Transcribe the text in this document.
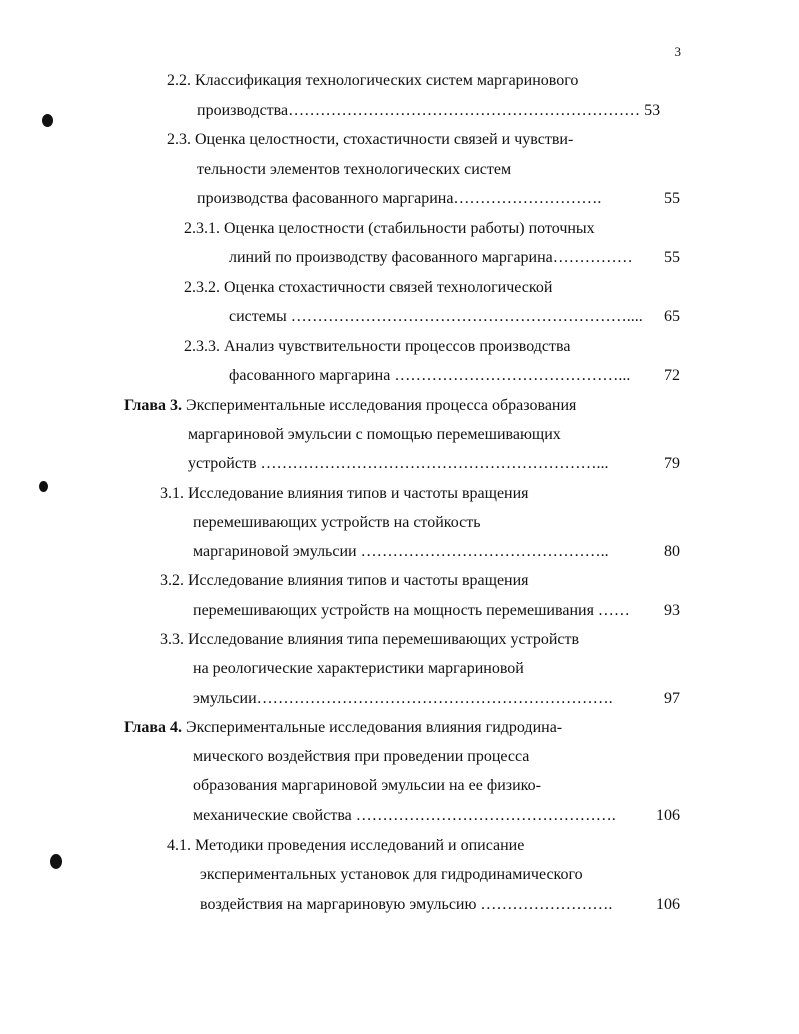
3
2.2. Классификация технологических систем маргаринового
производства………………………………………………………… 53
2.3. Оценка целостности, стохастичности связей и чувстви-
тельности элементов технологических систем
производства фасованного маргарина……………………….	55
2.3.1. Оценка целостности (стабильности работы) поточных
линий по производству фасованного маргарина…………… 55
2.3.2. Оценка стохастичности связей технологической
системы ……………………………………………………….... 65
2.3.3. Анализ чувствительности процессов производства
фасованного маргарина ……………………………………... 72
Глава 3. Экспериментальные исследования процесса образования
маргариновой эмульсии с помощью перемешивающих
устройств ………………………………………………………...	79
3.1. Исследование влияния типов и частоты вращения
перемешивающих устройств на стойкость
маргариновой эмульсии ………………………………………..	80
3.2. Исследование влияния типов и частоты вращения
перемешивающих устройств на мощность перемешивания …… 93
3.3. Исследование влияния типа перемешивающих устройств
на реологические характеристики маргариновой
эмульсии………………………………………………………….	97
Глава 4. Экспериментальные исследования влияния гидродина-
мического воздействия при проведении процесса
образования маргариновой эмульсии на ее физико-
механические свойства ………………………………………….	106
4.1. Методики проведения исследований и описание
экспериментальных установок для гидродинамического
воздействия на маргариновую эмульсию …………………….	106
